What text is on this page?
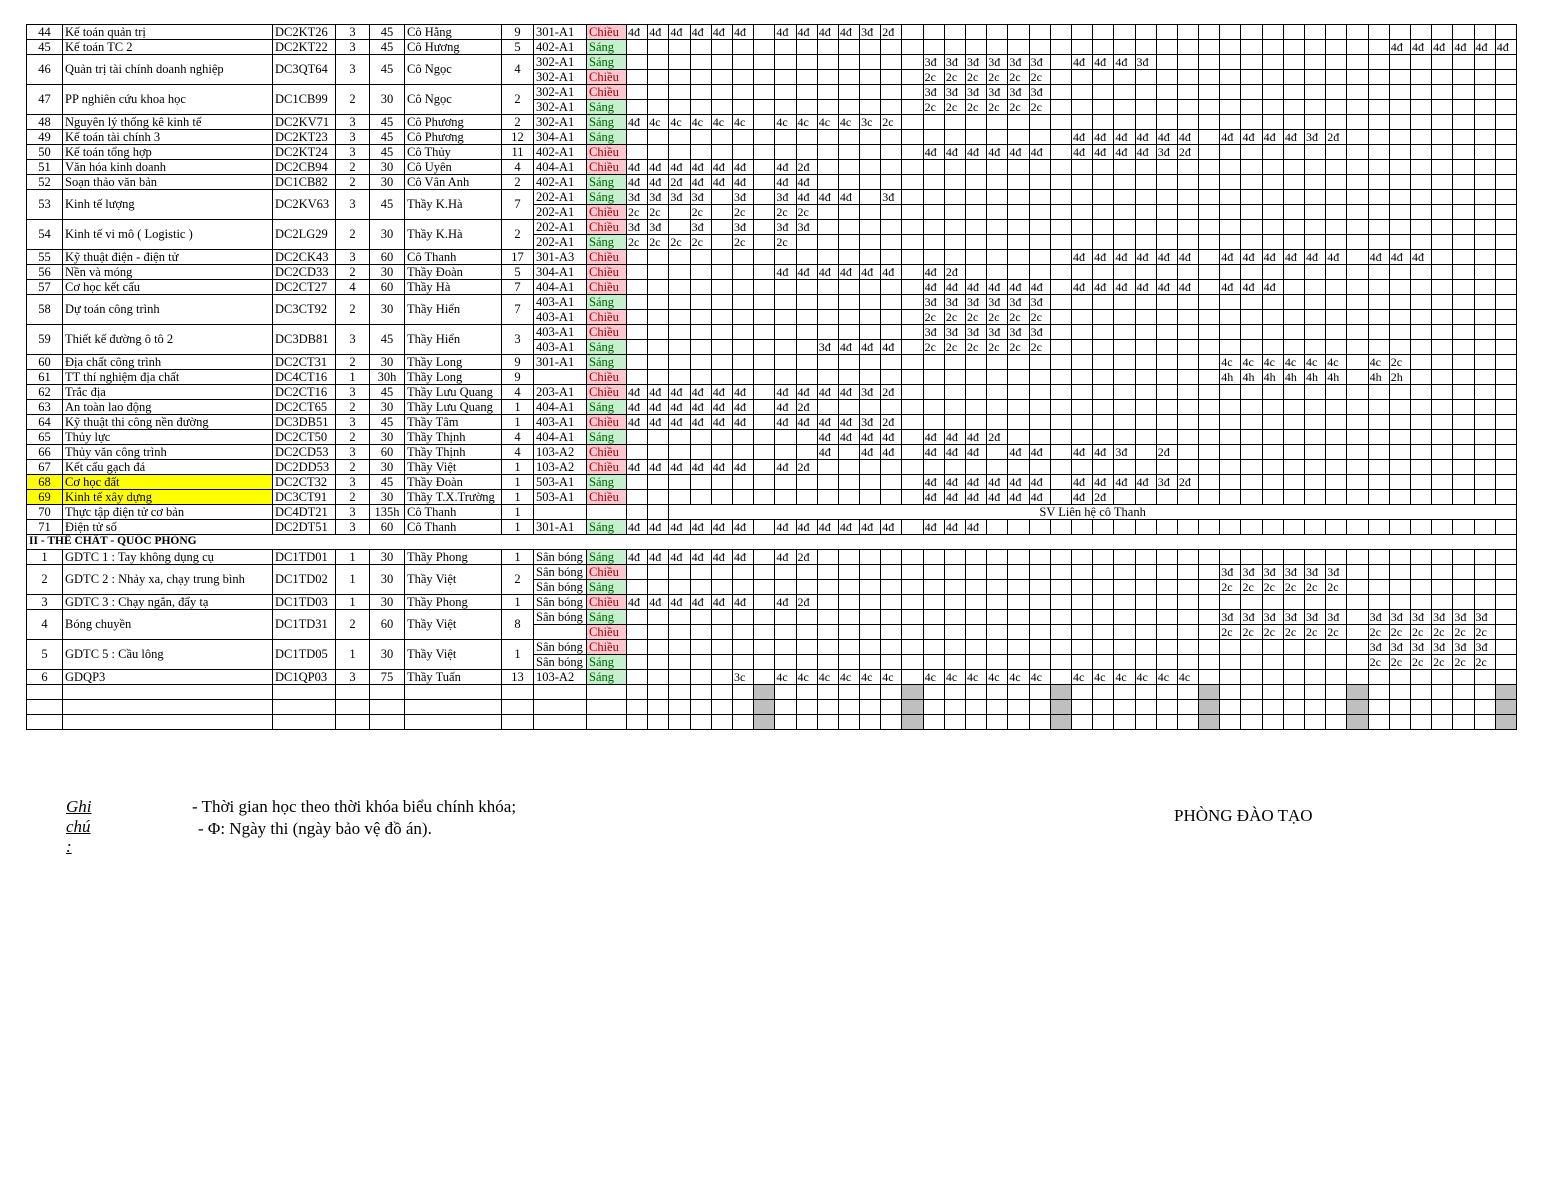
44	Kế toán quản trị	DC2KT26	3	45	Cô Hằng	9	301-A1	Chiều	4đ	4đ	4đ	4đ	4đ	4đ		4đ	4đ	4đ	4đ	3đ	2đ																													
45	Kế toán TC 2	DC2KT22	3	45	Cô Hương	5	402-A1	Sáng																																					4đ	4đ	4đ	4đ	4đ	4đ
46	Quản trị tài chính doanh nghiệp	DC3QT64	3	45	Cô Ngọc	4	302-A1	Sáng															3đ	3đ	3đ	3đ	3đ	3đ		4đ	4đ	4đ	3đ																	
							302-A1	Chiều															2c	2c	2c	2c	2c	2c																						
47	PP nghiên cứu khoa học	DC1CB99	2	30	Cô Ngọc	2	302-A1	Chiều															3đ	3đ	3đ	3đ	3đ	3đ																						
							302-A1	Sáng															2c	2c	2c	2c	2c	2c																						
48	Nguyên lý thống kê kinh tế	DC2KV71	3	45	Cô Phương	2	302-A1	Sáng	4đ	4c	4c	4c	4c	4c		4c	4c	4c	4c	3c	2c																													
49	Kế toán tài chính 3	DC2KT23	3	45	Cô Phương	12	304-A1	Sáng																						4đ	4đ	4đ	4đ	4đ	4đ		4đ	4đ	4đ	4đ	3đ	2đ								
50	Kế toán tổng hợp	DC2KT24	3	45	Cô Thủy	11	402-A1	Chiều															4đ	4đ	4đ	4đ	4đ	4đ		4đ	4đ	4đ	4đ	3đ	2đ															
51	Văn hóa kinh doanh	DC2CB94	2	30	Cô Uyên	4	404-A1	Chiều	4đ	4đ	4đ	4đ	4đ	4đ		4đ	2đ																																	
52	Soạn thảo văn bản	DC1CB82	2	30	Cô Vân Anh	2	402-A1	Sáng	4đ	4đ	2đ	4đ	4đ	4đ		4đ	4đ																																	
53	Kinh tế lượng	DC2KV63	3	45	Thầy K.Hà	7	202-A1	Sáng	3đ	3đ	3đ	3đ		3đ		3đ	4đ	4đ	4đ		3đ																													
							202-A1	Chiều	2c	2c		2c		2c		2c	2c																																	
54	Kinh tế vi mô ( Logistic )	DC2LG29	2	30	Thầy K.Hà	2	202-A1	Chiều	3đ	3đ		3đ		3đ		3đ	3đ																																	
							202-A1	Sáng	2c	2c	2c	2c		2c		2c																																		
55	Kỹ thuật điện - điện tử	DC2CK43	3	60	Cô Thanh	17	301-A3	Chiều																						4đ	4đ	4đ	4đ	4đ	4đ		4đ	4đ	4đ	4đ	4đ	4đ		4đ	4đ	4đ				
56	Nền và móng	DC2CD33	2	30	Thầy Đoàn	5	304-A1	Chiều								4đ	4đ	4đ	4đ	4đ	4đ		4đ	2đ																										
57	Cơ học kết cấu	DC2CT27	4	60	Thầy Hà	7	404-A1	Chiều															4đ	4đ	4đ	4đ	4đ	4đ		4đ	4đ	4đ	4đ	4đ	4đ		4đ	4đ	4đ											
58	Dự toán công trình	DC3CT92	2	30	Thầy Hiển	7	403-A1	Sáng															3đ	3đ	3đ	3đ	3đ	3đ																						
							403-A1	Chiều															2c	2c	2c	2c	2c	2c																						
59	Thiết kế đường ô tô 2	DC3DB81	3	45	Thầy Hiển	3	403-A1	Chiều															3đ	3đ	3đ	3đ	3đ	3đ																						
							403-A1	Sáng										3đ	4đ	4đ	4đ		2c	2c	2c	2c	2c	2c																						
60	Địa chất công trình	DC2CT31	2	30	Thầy Long	9	301-A1	Sáng																													4c	4c	4c	4c	4c	4c		4c	2c					
61	TT thí nghiệm địa chất	DC4CT16	1	30h	Thầy Long	9		Chiều																													4h	4h	4h	4h	4h	4h		4h	2h					
62	Trắc địa	DC2CT16	3	45	Thầy Lưu Quang	4	203-A1	Chiều	4đ	4đ	4đ	4đ	4đ	4đ		4đ	4đ	4đ	4đ	3đ	2đ																													
63	An toàn lao động	DC2CT65	2	30	Thầy Lưu Quang	1	404-A1	Sáng	4đ	4đ	4đ	4đ	4đ	4đ		4đ	2đ																																	
64	Kỹ thuật thi công nền đường	DC3DB51	3	45	Thầy Tâm	1	403-A1	Chiều	4đ	4đ	4đ	4đ	4đ	4đ		4đ	4đ	4đ	4đ	3đ	2đ																													
65	Thủy lực	DC2CT50	2	30	Thầy Thịnh	4	404-A1	Sáng										4đ	4đ	4đ	4đ		4đ	4đ	4đ	2đ																								
66	Thủy văn công trình	DC2CD53	3	60	Thầy Thịnh	4	103-A2	Chiều										4đ		4đ	4đ		4đ	4đ	4đ		4đ	4đ		4đ	4đ	3đ		2đ																
67	Kết cấu gạch đá	DC2DD53	2	30	Thầy Việt	1	103-A2	Chiều	4đ	4đ	4đ	4đ	4đ	4đ		4đ	2đ																																	
68	Cơ học đất	DC2CT32	3	45	Thầy Đoàn	1	503-A1	Sáng															4đ	4đ	4đ	4đ	4đ	4đ		4đ	4đ	4đ	4đ	3đ	2đ															
69	Kinh tế xây dựng	DC3CT91	2	30	Thầy T.X.Trường	1	503-A1	Chiều															4đ	4đ	4đ	4đ	4đ	4đ		4đ	2đ																			
70	Thực tập điện tử cơ bản	DC4DT21	3	135h	Cô Thanh	1					SV Liên hệ cô Thanh																																							
71	Điện tử số	DC2DT51	3	60	Cô Thanh	1	301-A1	Sáng	4đ	4đ	4đ	4đ	4đ	4đ		4đ	4đ	4đ	4đ	4đ	4đ		4đ	4đ	4đ																									
II - THỂ CHẤT - QUỐC PHÒNG																																																		
1	GDTC 1 : Tay không dụng cụ	DC1TD01	1	30	Thầy Phong	1	Sân bóng	Sáng	4đ	4đ	4đ	4đ	4đ	4đ		4đ	2đ																																	
2	GDTC 2 : Nhảy xa, chạy trung bình	DC1TD02	1	30	Thầy Việt	2	Sân bóng	Chiều																													3đ	3đ	3đ	3đ	3đ	3đ								
							Sân bóng	Sáng																													2c	2c	2c	2c	2c	2c								
3	GDTC 3 : Chạy ngắn, đẩy tạ	DC1TD03	1	30	Thầy Phong	1	Sân bóng	Chiều	4đ	4đ	4đ	4đ	4đ	4đ		4đ	2đ																																	
4	Bóng chuyền	DC1TD31	2	60	Thầy Việt	8	Sân bóng	Sáng																													3đ	3đ	3đ	3đ	3đ	3đ		3đ	3đ	3đ	3đ	3đ	3đ	
								Chiều																													2c	2c	2c	2c	2c	2c		2c	2c	2c	2c	2c	2c	
5	GDTC 5 : Cầu lông	DC1TD05	1	30	Thầy Việt	1	Sân bóng	Chiều																																				3đ	3đ	3đ	3đ	3đ	3đ	
							Sân bóng	Sáng																																				2c	2c	2c	2c	2c	2c	
6	GDQP3	DC1QP03	3	75	Thầy Tuấn	13	103-A2	Sáng						3c		4c	4c	4c	4c	4c	4c		4c	4c	4c	4c	4c	4c		4c	4c	4c	4c	4c	4c															

Ghi chú :
- Thời gian học theo thời khóa biểu chính khóa;
- Φ: Ngày thi (ngày bảo vệ đồ án).
PHÒNG ĐÀO TẠO
